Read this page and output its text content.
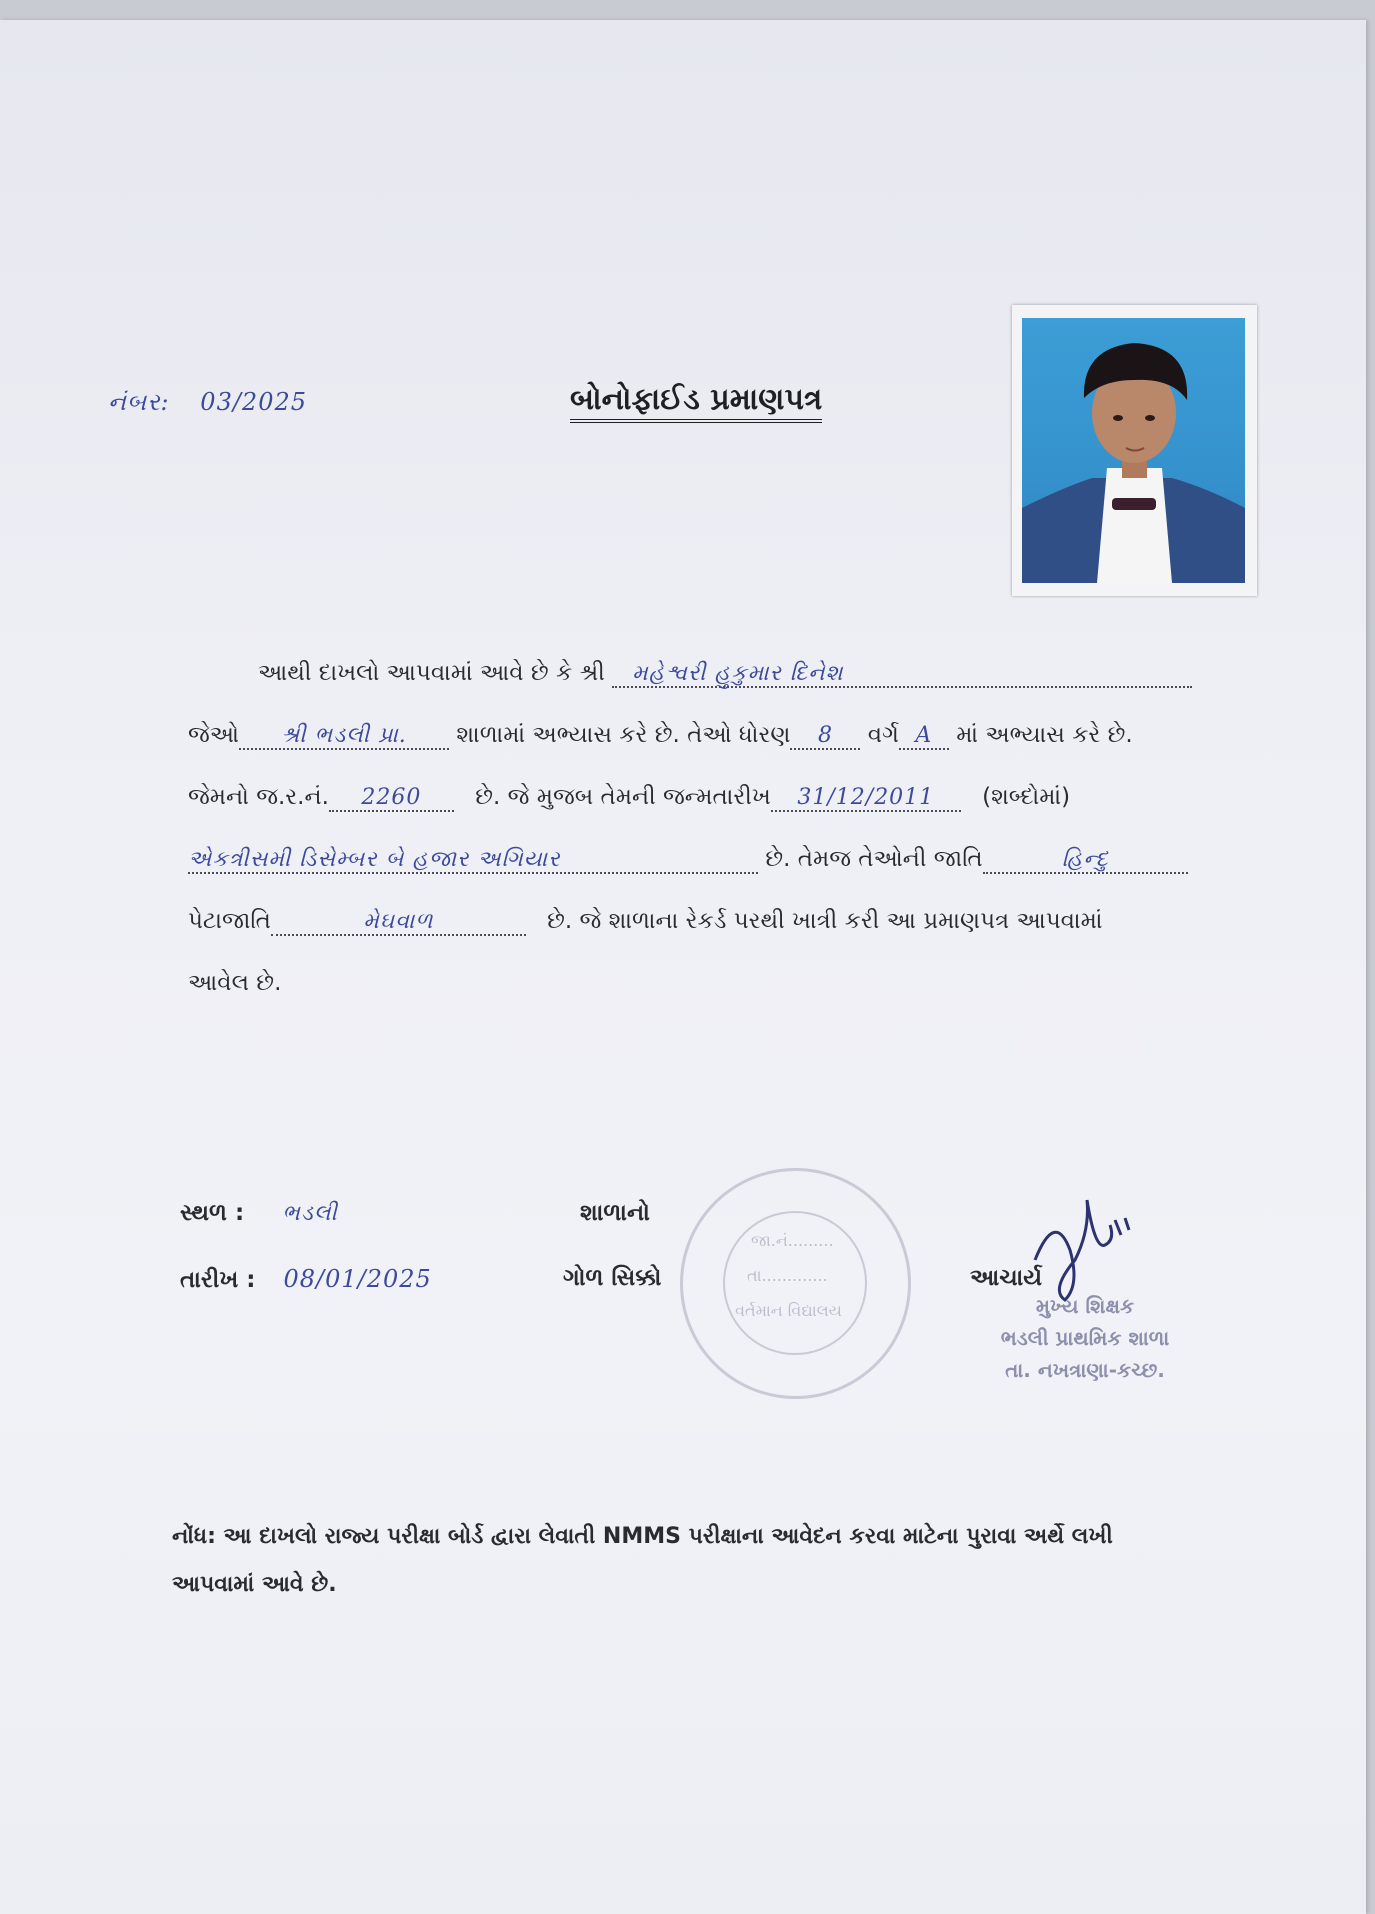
નંબર: 03/2025	બોનોફાઈડ પ્રમાણપત્ર
આથી દાખલો આપવામાં આવે છે કે શ્રી મહેશ્વરી હુકુમાર દિનેશ
જેઓ શ્રી ભડલી પ્રા. શાળામાં અભ્યાસ કરે છે. તેઓ ધોરણ 8 વર્ગ A માં અભ્યાસ કરે છે.
જેમનો જ.ર.નં. 2260 છે. જે મુજબ તેમની જન્મતારીખ 31/12/2011 (શબ્દોમાં)
એકત્રીસમી ડિસેમ્બર બે હજાર અગિયાર	છે. તેમજ તેઓની જાતિ	હિન્દુ
પેટાજાતિ	મેઘવાળ	છે. જે શાળાના રેકર્ડ પરથી ખાત્રી કરી આ પ્રમાણપત્ર આપવામાં
આવેલ છે.
સ્થળ : ભડલી
તારીખ : 08/01/2025
શાળાનો
ગોળ સિક્કો
જા.નં.........
તા.............
વર્તમાન વિદ્યાલય
આચાર્ય
મુખ્ય શિક્ષક
ભડલી પ્રાથમિક શાળા
તા. નખત્રાણા-કચ્છ.
નોંધ: આ દાખલો રાજ્ય પરીક્ષા બોર્ડ દ્વારા લેવાતી NMMS પરીક્ષાના આવેદન કરવા માટેના પુરાવા અર્થે લખી
આપવામાં આવે છે.
